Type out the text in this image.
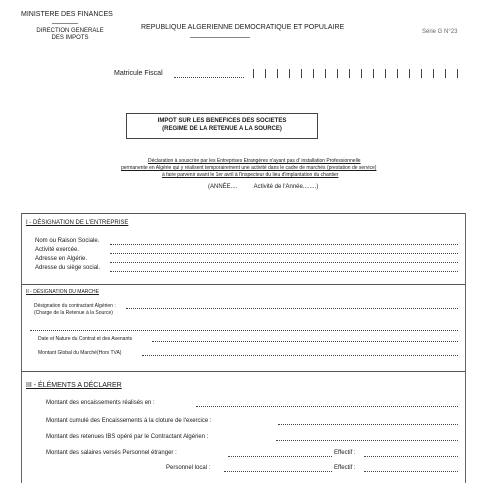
MINISTERE DES FINANCES
DIRECTION GENERALE
DES IMPOTS
REPUBLIQUE ALGERIENNE DEMOCRATIQUE ET POPULAIRE
Série G N°23
Matricule Fiscal
IMPOT SUR LES BENEFICES DES SOCIETES
(REGIME DE LA RETENUE A LA SOURCE)
Déclaration à souscrire par les Entreprises Etrangères n'ayant pas d' installation Professionnelle
permanente en Algérie qui y réalisent temporairement une activité dans le cadre de marchés (prestation de service)
à faire parvenir avant le 1er avril à l'inspecteur du lieu d'implantation du chantier
(ANNÉE....          Activité de l'Année........)
I - DÉSIGNATION DE L'ENTREPRISE
Nom ou Raison Sociale.
Activité exercée.
Adresse en Algérie.
Adresse du siège social.
II - DÉSIGNATION DU MARCHE
Désignation du contractant Algérien :
(Charge de la Retenue à la Source)
Date et Nature du Contrat et des Avenants
Montant Global du Marché(Hors TVA)
III - ÉLÉMENTS A DÉCLARER
Montant des encaissements réalisés en :
Montant cumulé des Encaissements à la cloture de l'exercice :
Montant des retenues IBS opéré par le Contractant Algérien :
Montant des salaires versés Personnel étranger :	Effectif :
Personnel local :	Effectif :
